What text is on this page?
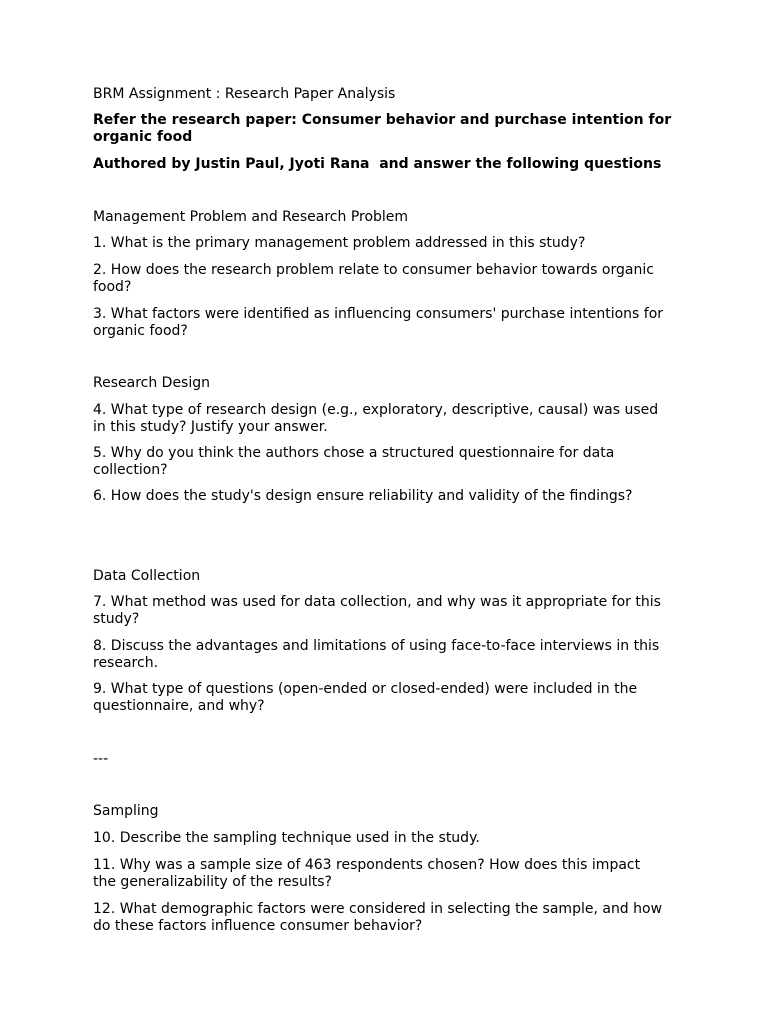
BRM Assignment : Research Paper Analysis

Refer the research paper: Consumer behavior and purchase intention for organic food

Authored by Justin Paul, Jyoti Rana  and answer the following questions

Management Problem and Research Problem

1. What is the primary management problem addressed in this study?

2. How does the research problem relate to consumer behavior towards organic food?

3. What factors were identified as influencing consumers' purchase intentions for organic food?

Research Design

4. What type of research design (e.g., exploratory, descriptive, causal) was used in this study? Justify your answer.

5. Why do you think the authors chose a structured questionnaire for data collection?

6. How does the study's design ensure reliability and validity of the findings?

Data Collection

7. What method was used for data collection, and why was it appropriate for this study?

8. Discuss the advantages and limitations of using face-to-face interviews in this research.

9. What type of questions (open-ended or closed-ended) were included in the questionnaire, and why?

---

Sampling

10. Describe the sampling technique used in the study.

11. Why was a sample size of 463 respondents chosen? How does this impact the generalizability of the results?

12. What demographic factors were considered in selecting the sample, and how do these factors influence consumer behavior?
